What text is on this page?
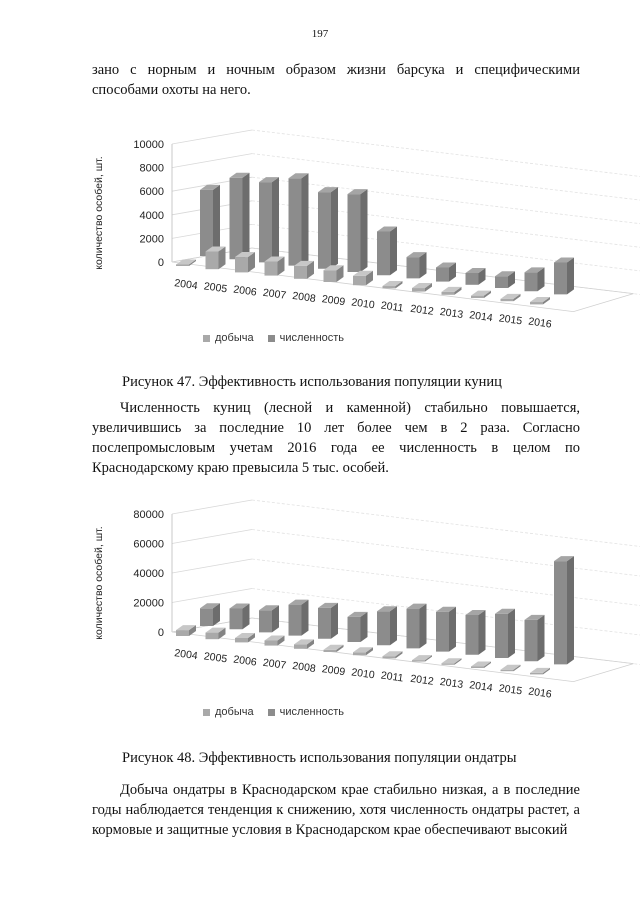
197

зано с норным и ночным образом жизни барсука и специфическими способами охоты на него.

0
2000
4000
6000
8000
10000
количество особей, шт.
2004 2005 2006 2007 2008 2009 2010 2011 2012 2013 2014 2015 2016
добыча	численность
Рисунок 47. Эффективность использования популяции куниц

Численность куниц (лесной и каменной) стабильно повышается, увеличившись за последние 10 лет более чем в 2 раза. Согласно послепромысловым учетам 2016 года ее численность в целом по Краснодарскому краю превысила 5 тыс. особей.

0
20000
40000
60000
80000
количество особей, шт.
2004 2005 2006 2007 2008 2009 2010 2011 2012 2013 2014 2015 2016
добыча	численность
Рисунок 48. Эффективность использования популяции ондатры

Добыча ондатры в Краснодарском крае стабильно низкая, а в последние годы наблюдается тенденция к снижению, хотя численность ондатры растет, а кормовые и защитные условия в Краснодарском крае обеспечивают высокий
